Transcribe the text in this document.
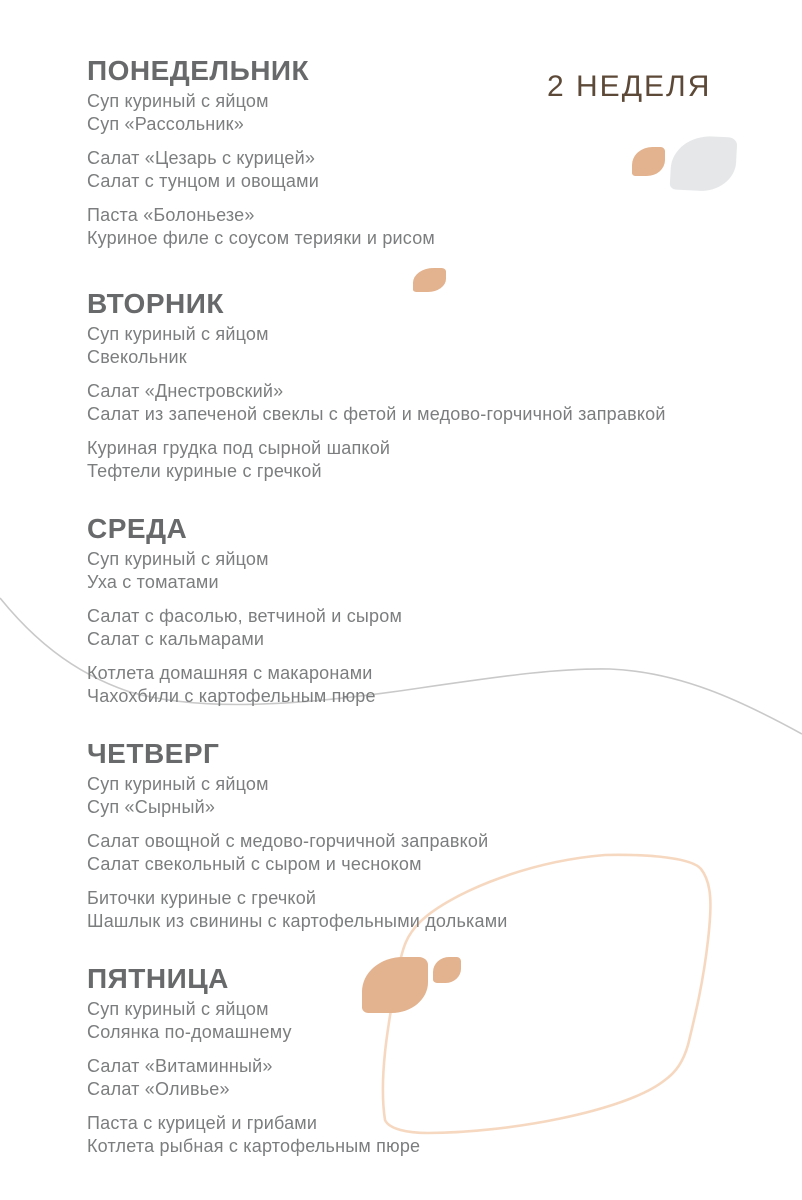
2 НЕДЕЛЯ
ПОНЕДЕЛЬНИК
Суп куриный с яйцом
Суп «Рассольник»
Салат «Цезарь с курицей»
Салат с тунцом и овощами
Паста «Болоньезе»
Куриное филе с соусом терияки и рисом
ВТОРНИК
Суп куриный с яйцом
Свекольник
Салат «Днестровский»
Салат из запеченой свеклы с фетой и медово-горчичной заправкой
Куриная грудка под сырной шапкой
Тефтели куриные с гречкой
СРЕДА
Суп куриный с яйцом
Уха с томатами
Салат с фасолью, ветчиной и сыром
Салат с кальмарами
Котлета домашняя с макаронами
Чахохбили с картофельным пюре
ЧЕТВЕРГ
Суп куриный с яйцом
Суп «Сырный»
Салат овощной с медово-горчичной заправкой
Салат свекольный с сыром и чесноком
Биточки куриные с гречкой
Шашлык из свинины с картофельными дольками
ПЯТНИЦА
Суп куриный с яйцом
Солянка по-домашнему
Салат «Витаминный»
Салат «Оливье»
Паста с курицей и грибами
Котлета рыбная с картофельным пюре
